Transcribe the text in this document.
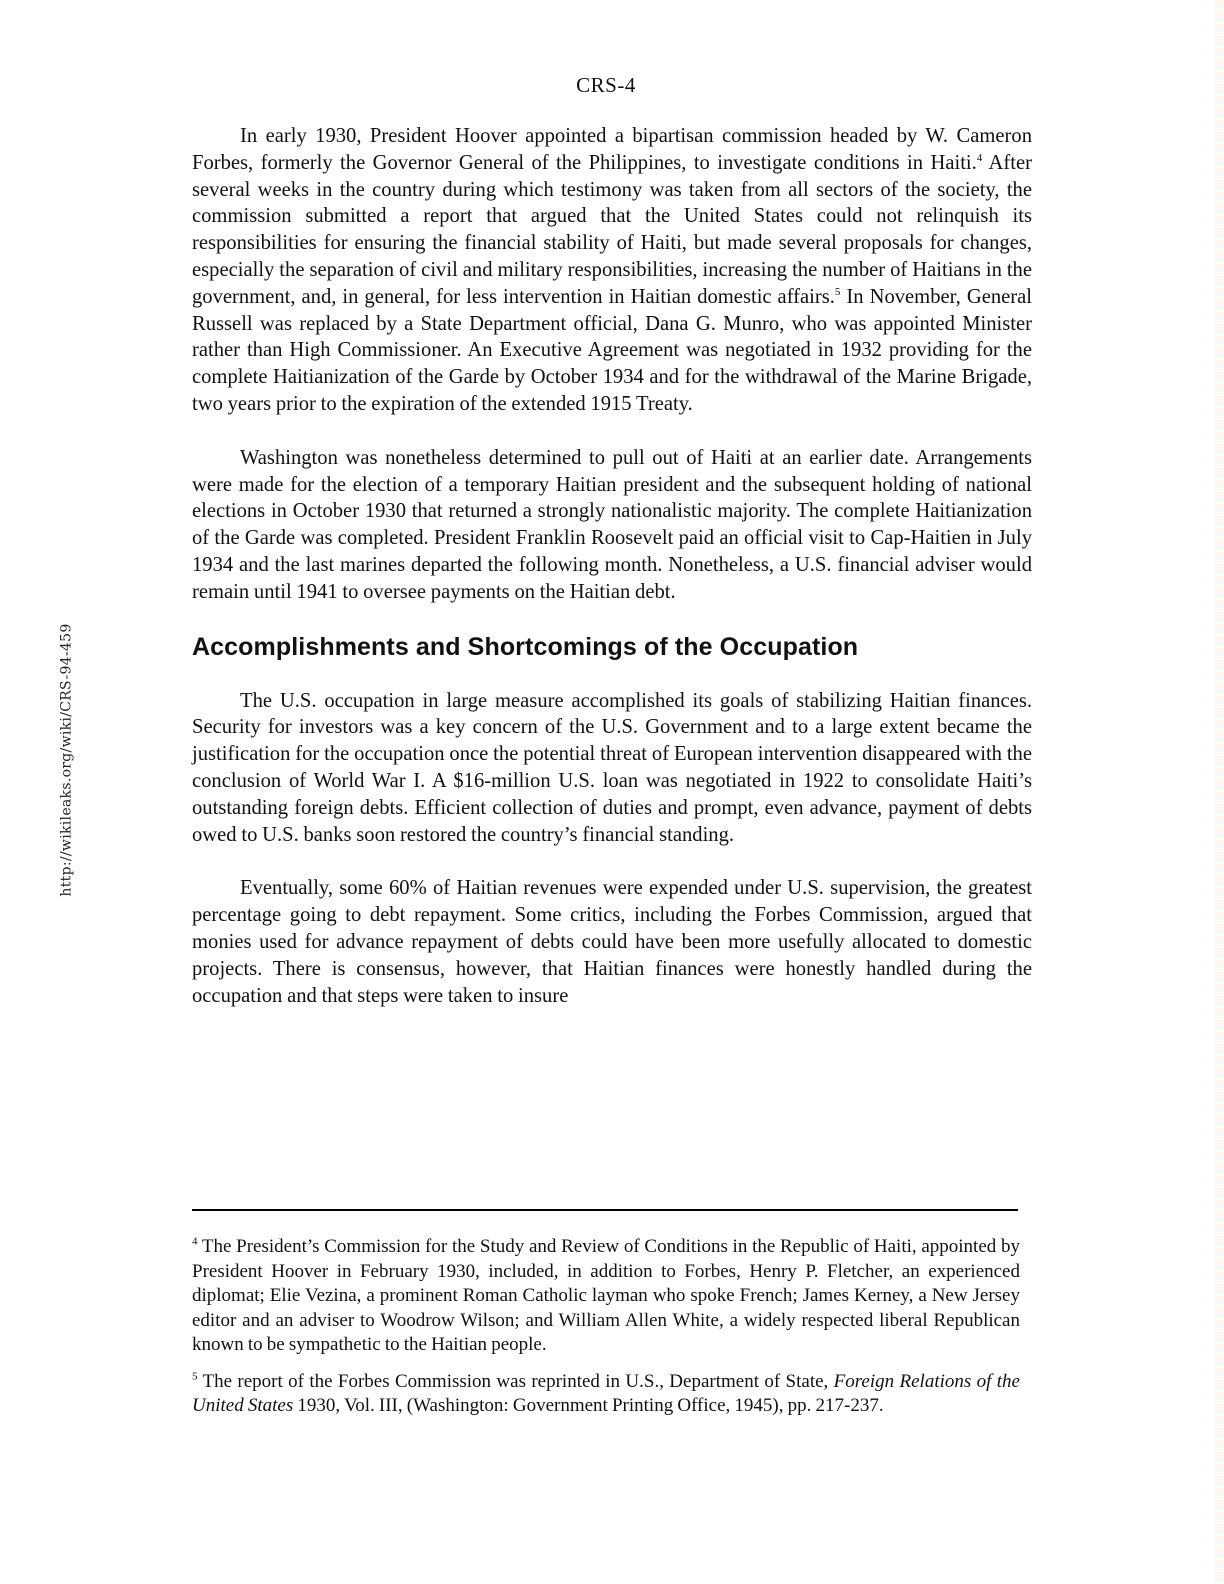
http://wikileaks.org/wiki/CRS-94-459
CRS-4

In early 1930, President Hoover appointed a bipartisan commission headed by W. Cameron Forbes, formerly the Governor General of the Philippines, to investigate conditions in Haiti.$^4$ After several weeks in the country during which testimony was taken from all sectors of the society, the commission submitted a report that argued that the United States could not relinquish its responsibilities for ensuring the financial stability of Haiti, but made several proposals for changes, especially the separation of civil and military responsibilities, increasing the number of Haitians in the government, and, in general, for less intervention in Haitian domestic affairs.$^5$ In November, General Russell was replaced by a State Department official, Dana G. Munro, who was appointed Minister rather than High Commissioner. An Executive Agreement was negotiated in 1932 providing for the complete Haitianization of the Garde by October 1934 and for the withdrawal of the Marine Brigade, two years prior to the expiration of the extended 1915 Treaty.

Washington was nonetheless determined to pull out of Haiti at an earlier date. Arrangements were made for the election of a temporary Haitian president and the subsequent holding of national elections in October 1930 that returned a strongly nationalistic majority. The complete Haitianization of the Garde was completed. President Franklin Roosevelt paid an official visit to Cap-Haitien in July 1934 and the last marines departed the following month. Nonetheless, a U.S. financial adviser would remain until 1941 to oversee payments on the Haitian debt.

Accomplishments and Shortcomings of the Occupation

The U.S. occupation in large measure accomplished its goals of stabilizing Haitian finances. Security for investors was a key concern of the U.S. Government and to a large extent became the justification for the occupation once the potential threat of European intervention disappeared with the conclusion of World War I. A $16-million U.S. loan was negotiated in 1922 to consolidate Haiti’s outstanding foreign debts. Efficient collection of duties and prompt, even advance, payment of debts owed to U.S. banks soon restored the country’s financial standing.

Eventually, some 60% of Haitian revenues were expended under U.S. supervision, the greatest percentage going to debt repayment. Some critics, including the Forbes Commission, argued that monies used for advance repayment of debts could have been more usefully allocated to domestic projects. There is consensus, however, that Haitian finances were honestly handled during the occupation and that steps were taken to insure

$^4$ The President’s Commission for the Study and Review of Conditions in the Republic of Haiti, appointed by President Hoover in February 1930, included, in addition to Forbes, Henry P. Fletcher, an experienced diplomat; Elie Vezina, a prominent Roman Catholic layman who spoke French; James Kerney, a New Jersey editor and an adviser to Woodrow Wilson; and William Allen White, a widely respected liberal Republican known to be sympathetic to the Haitian people.

$^5$ The report of the Forbes Commission was reprinted in U.S., Department of State, Foreign Relations of the United States 1930, Vol. III, (Washington: Government Printing Office, 1945), pp. 217-237.
